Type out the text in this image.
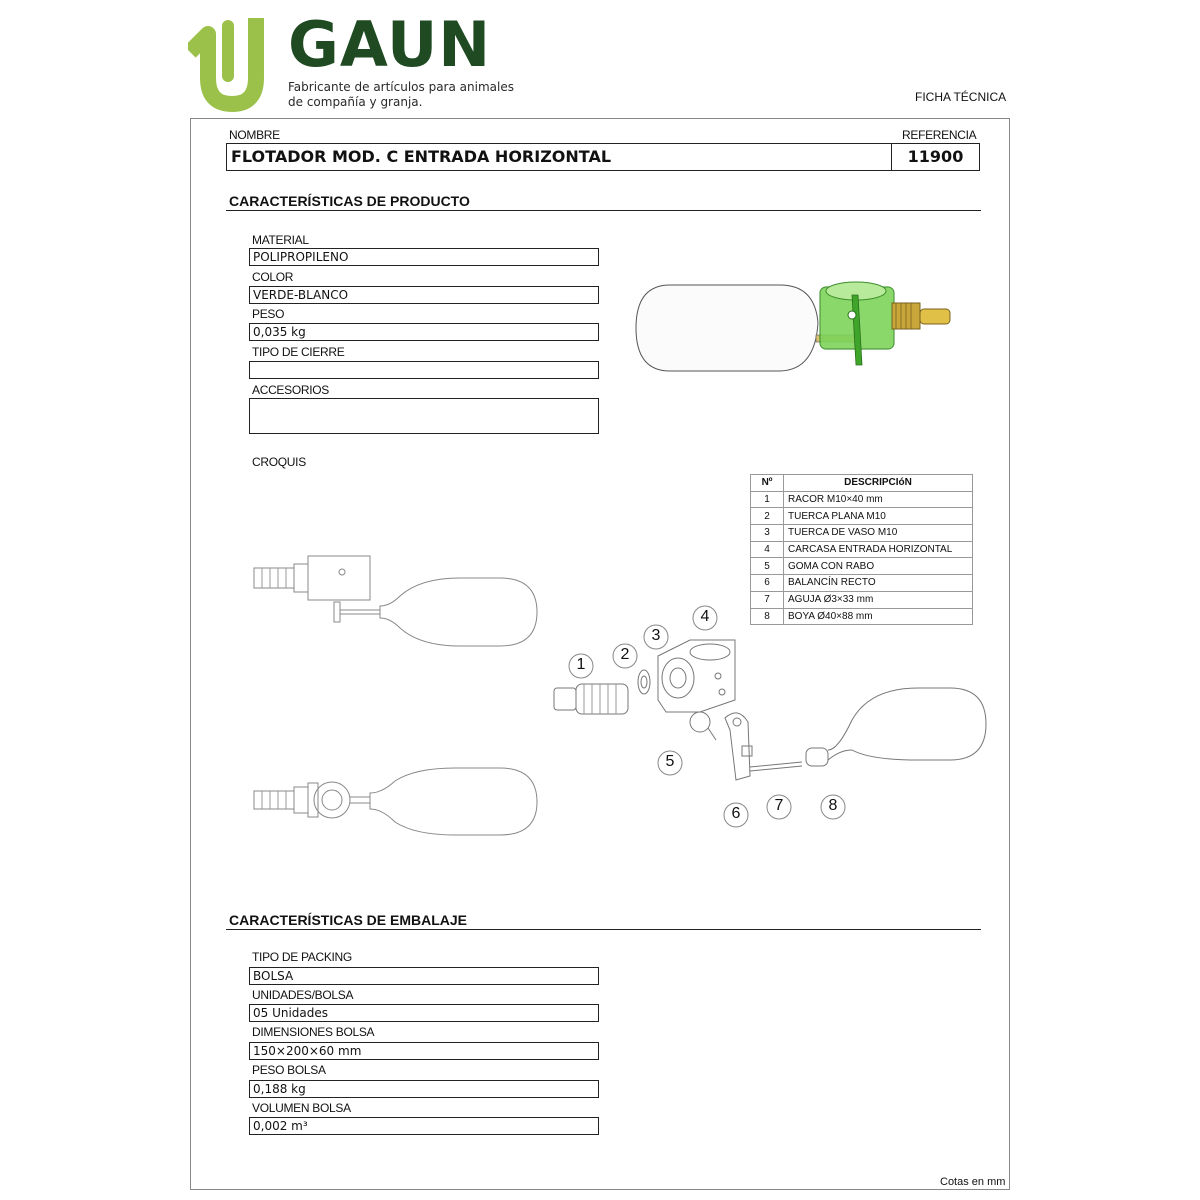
GAUN
Fabricante de artículos para animales
de compañía y granja.	FICHA TÉCNICA
NOMBRE	REFERENCIA
FLOTADOR MOD. C ENTRADA HORIZONTAL	11900
CARACTERÍSTICAS DE PRODUCTO
MATERIAL
POLIPROPILENO
COLOR
VERDE-BLANCO
PESO
0,035 kg
TIPO DE CIERRE
ACCESORIOS
CROQUIS
1
2
3
4
5
6	7	8
Nº	DESCRIPCIóN
1	RACOR M10×40 mm
2	TUERCA PLANA M10
3	TUERCA DE VASO M10
4	CARCASA ENTRADA HORIZONTAL
5	GOMA CON RABO
6	BALANCÍN RECTO
7	AGUJA Ø3×33 mm
8	BOYA Ø40×88 mm
CARACTERÍSTICAS DE EMBALAJE
TIPO DE PACKING
BOLSA
UNIDADES/BOLSA
05 Unidades
DIMENSIONES BOLSA
150×200×60 mm
PESO BOLSA
0,188 kg
VOLUMEN BOLSA
0,002 m³
Cotas en mm
